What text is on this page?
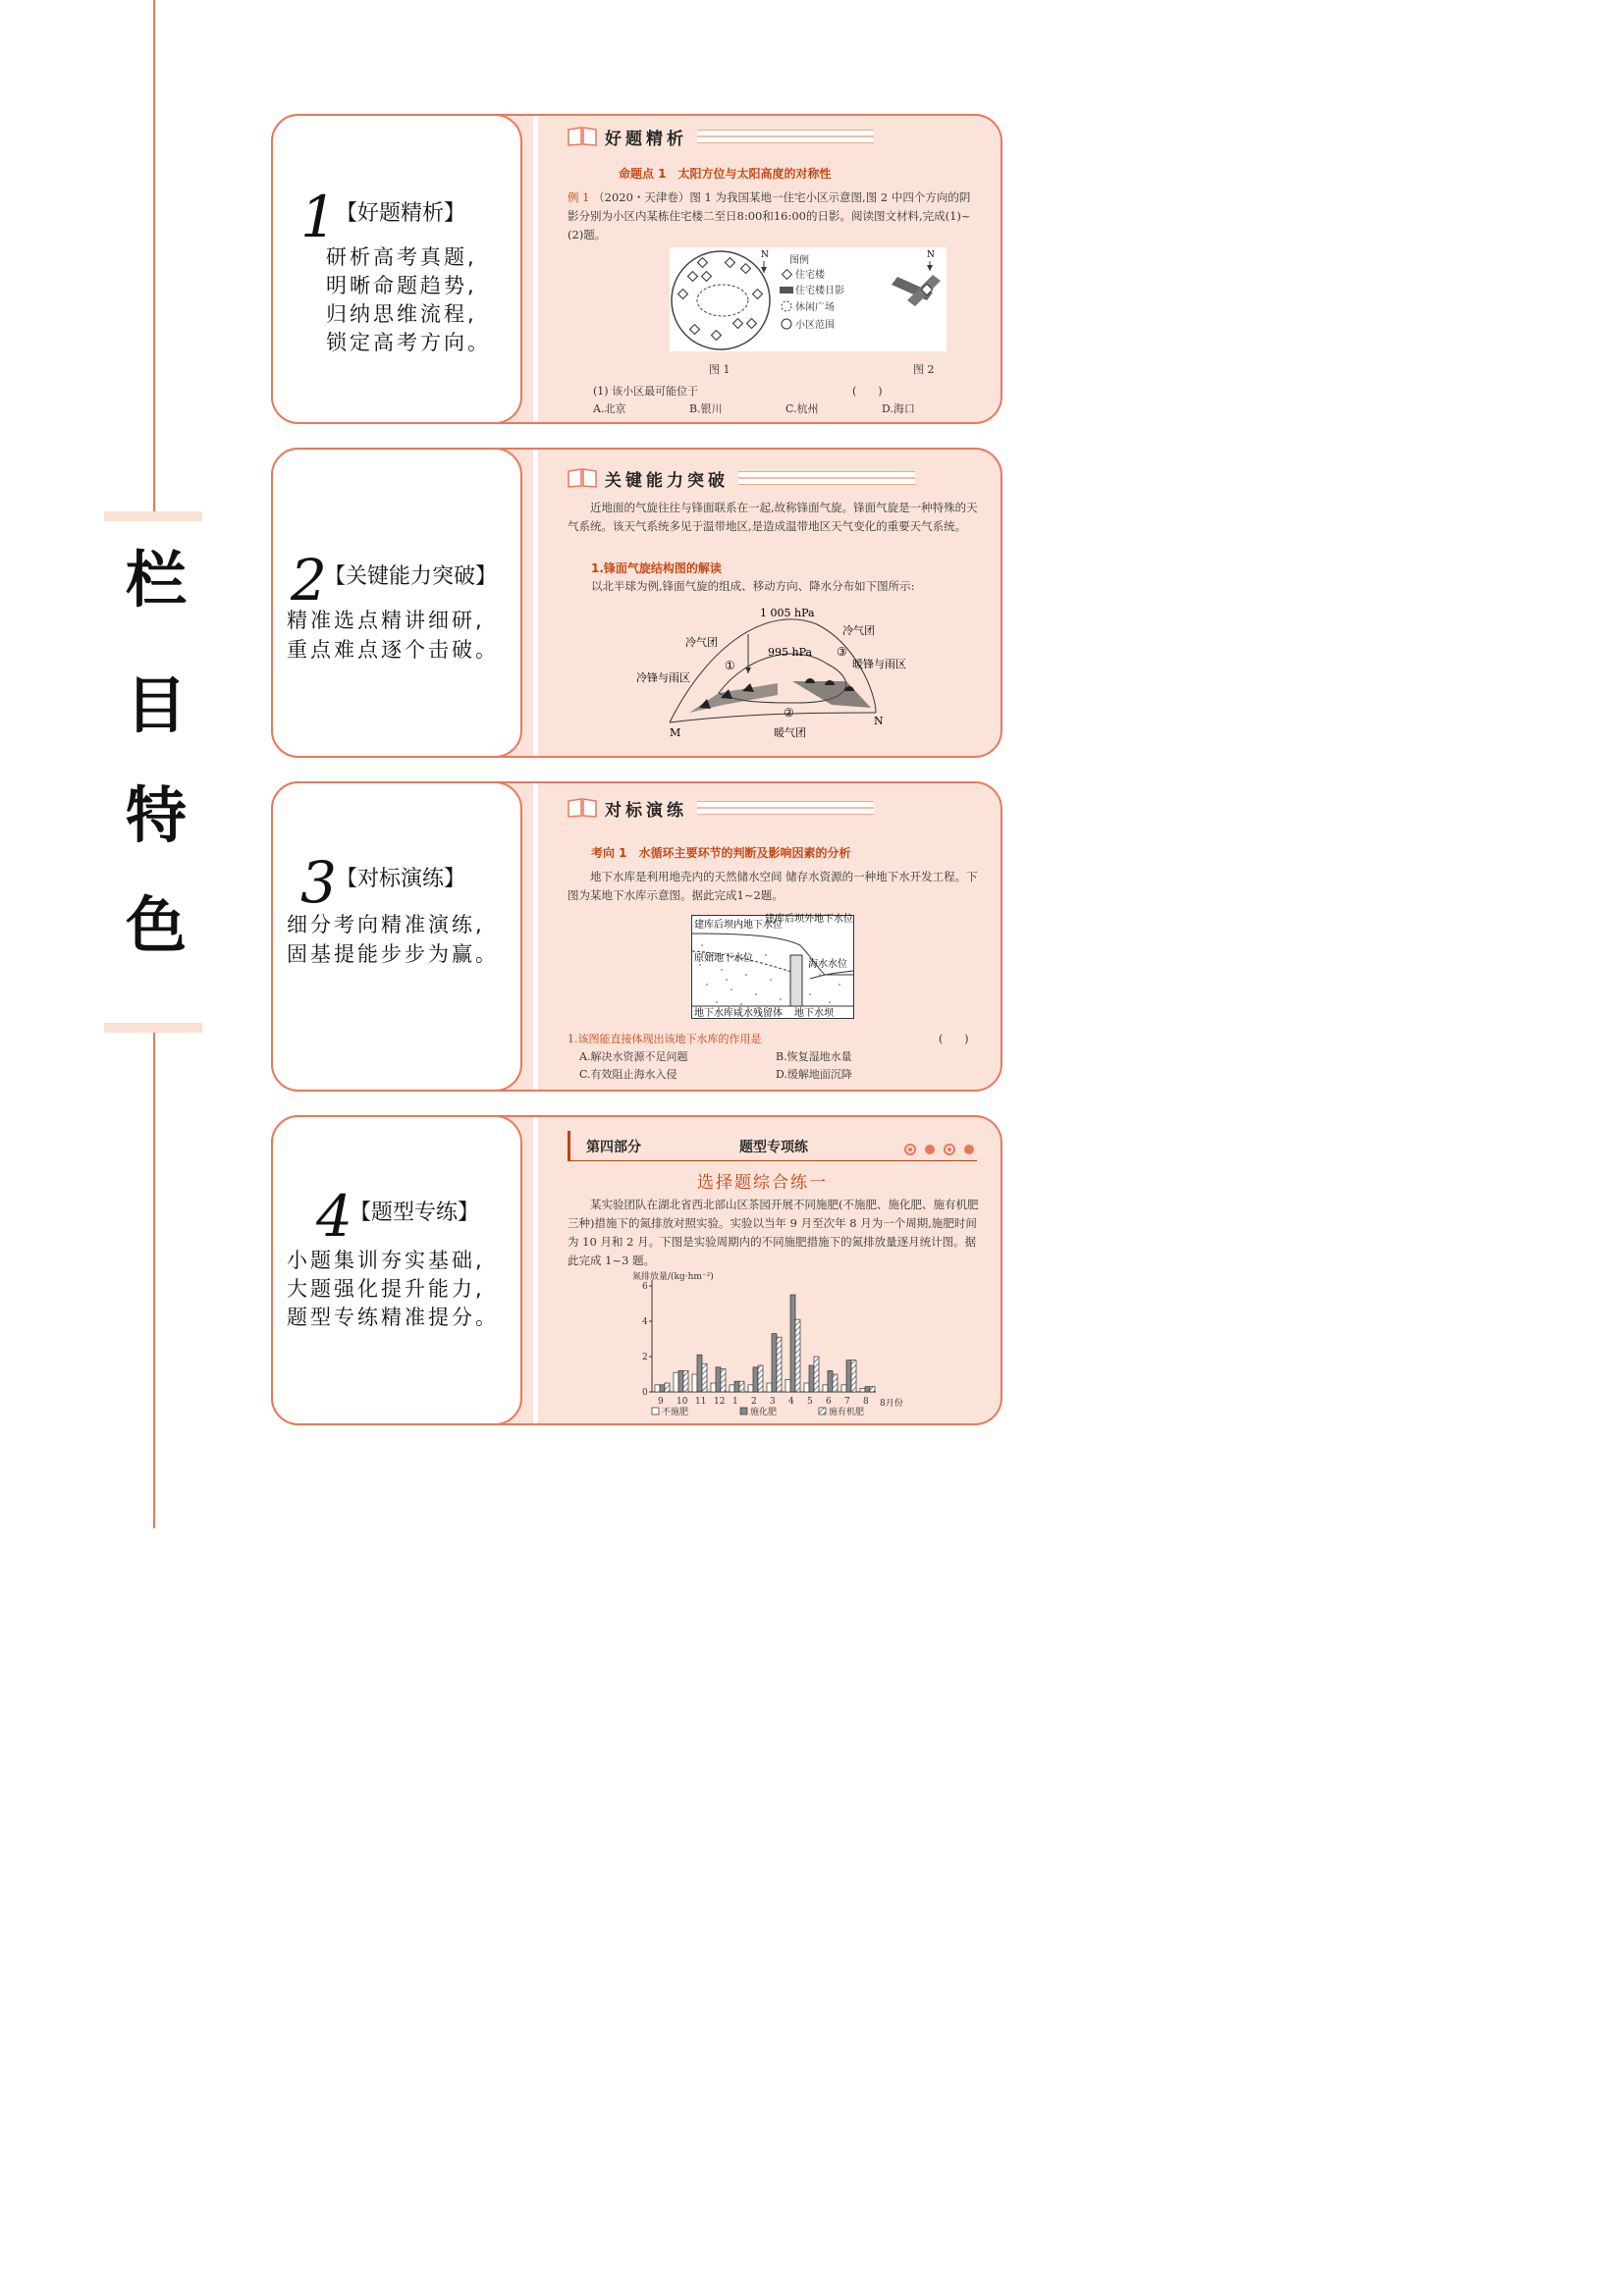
栏
目
特
色
1 【好题精析】
研析高考真题,
明晰命题趋势,
归纳思维流程,
锁定高考方向。
好题精析
命题点 1　太阳方位与太阳高度的对称性
例 1 （2020・天津卷）图 1 为我国某地一住宅小区示意图,图 2 中四个方向的阴影分别为小区内某栋住宅楼二至日8:00和16:00的日影。阅读图文材料,完成(1)~(2)题。
N 图例
住宅楼
住宅楼日影
休闲广场
小区范围
N
图 1	图 2
(1) 该小区最可能位于	(　　)
A.北京	B.银川	C.杭州	D.海口
2
【关键能力突破】
精准选点精讲细研,
重点难点逐个击破。
关键能力突破
近地面的气旋往往与锋面联系在一起,故称锋面气旋。锋面气旋是一种特殊的天气系统。该天气系统多见于温带地区,是造成温带地区天气变化的重要天气系统。
1.锋面气旋结构图的解读
以北半球为例,锋面气旋的组成、移动方向、降水分布如下图所示:
1 005 hPa
995 hPa
冷气团
冷气团
冷锋与雨区
暖锋与雨区
暖气团
M
N
①
②
③
3 【对标演练】
细分考向精准演练,
固基提能步步为赢。
对标演练
考向 1　水循环主要环节的判断及影响因素的分析
地下水库是利用地壳内的天然储水空间 储存水资源的一种地下水开发工程。下图为某地下水库示意图。据此完成1~2题。
建库后坝内地下水位
建库后坝外地下水位
原始地下水位
海水水位
地下水库咸水残留体 地下水坝
1.该图能直接体现出该地下水库的作用是	(　　)
A.解决水资源不足问题	B.恢复湿地水量
C.有效阻止海水入侵	D.缓解地面沉降
4
【题型专练】
小题集训夯实基础,
大题强化提升能力,
题型专练精准提分。
第四部分	题型专项练
选择题综合练一
某实验团队在湖北省西北部山区茶园开展不同施肥(不施肥、施化肥、施有机肥三种)措施下的氮排放对照实验。实验以当年 9 月至次年 8 月为一个周期,施肥时间为 10 月和 2 月。下图是实验周期内的不同施肥措施下的氮排放量逐月统计图。据此完成 1~3 题。
氮排放量/(kg·hm⁻²)
0
2
4
6
9 10 11 12 1 2 3 4 5 6 7 8 8月份
不施肥	施化肥	施有机肥
